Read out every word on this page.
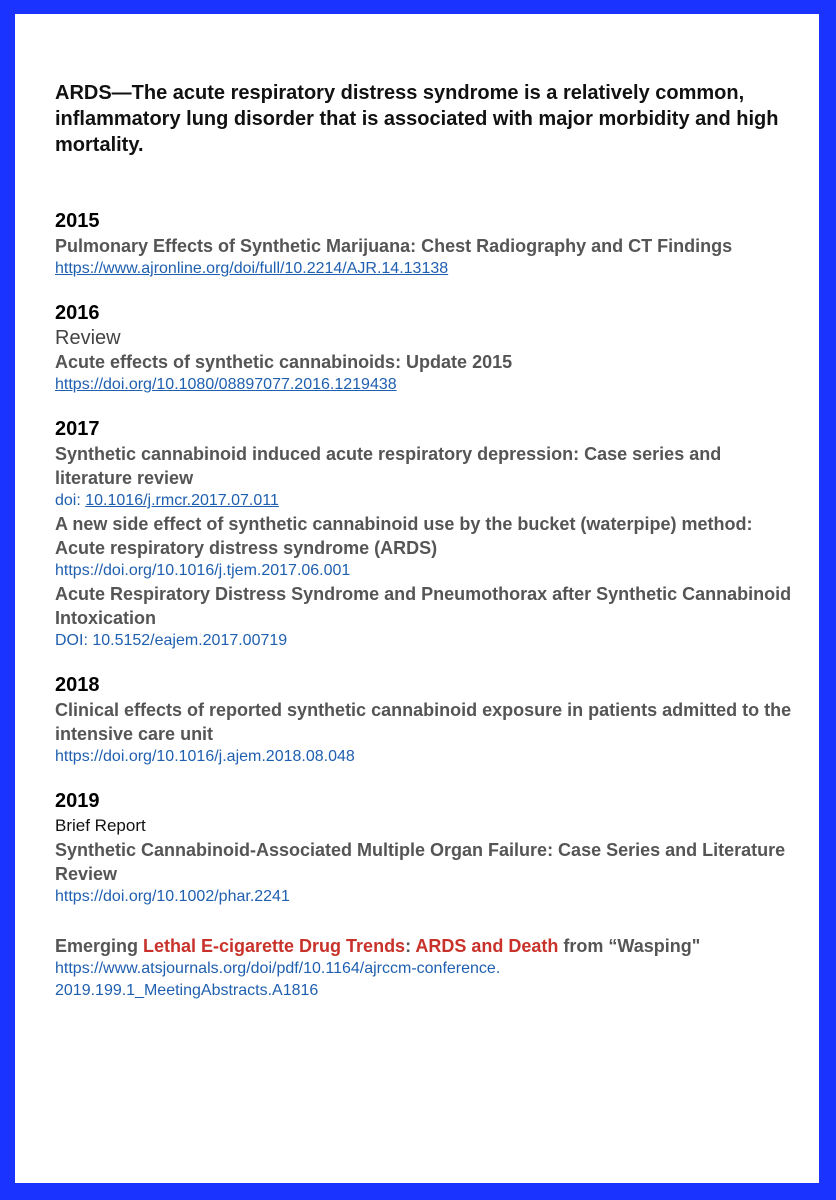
ARDS—The acute respiratory distress syndrome is a relatively common, inflammatory lung disorder that is associated with major morbidity and high mortality.

2015
Pulmonary Effects of Synthetic Marijuana: Chest Radiography and CT Findings
https://www.ajronline.org/doi/full/10.2214/AJR.14.13138
2016
Review
Acute effects of synthetic cannabinoids: Update 2015
https://doi.org/10.1080/08897077.2016.1219438
2017
Synthetic cannabinoid induced acute respiratory depression: Case series and literature review
doi: 10.1016/j.rmcr.2017.07.011
A new side effect of synthetic cannabinoid use by the bucket (waterpipe) method: Acute respiratory distress syndrome (ARDS)
https://doi.org/10.1016/j.tjem.2017.06.001
Acute Respiratory Distress Syndrome and Pneumothorax after Synthetic Cannabinoid Intoxication
DOI: 10.5152/eajem.2017.00719
2018
Clinical effects of reported synthetic cannabinoid exposure in patients admitted to the intensive care unit
https://doi.org/10.1016/j.ajem.2018.08.048
2019
Brief Report
Synthetic Cannabinoid-Associated Multiple Organ Failure: Case Series and Literature Review
https://doi.org/10.1002/phar.2241
Emerging Lethal E-cigarette Drug Trends: ARDS and Death from “Wasping"
https://www.atsjournals.org/doi/pdf/10.1164/ajrccm-conference.
2019.199.1_MeetingAbstracts.A1816
